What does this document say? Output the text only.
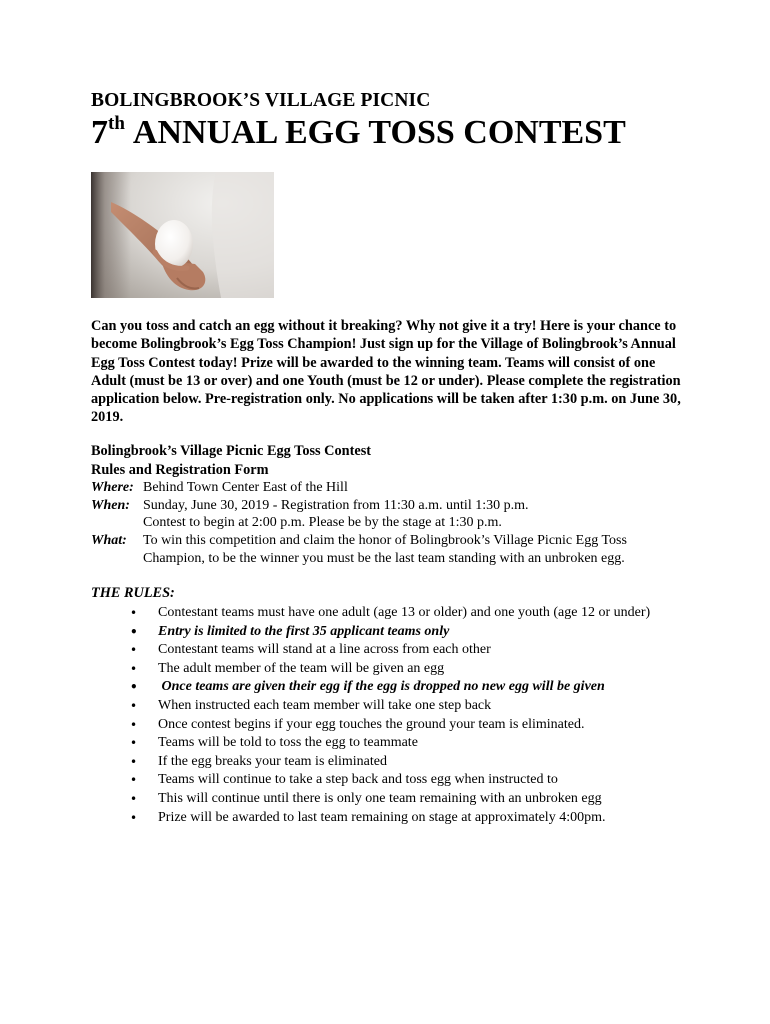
BOLINGBROOK’S VILLAGE PICNIC
7th ANNUAL EGG TOSS CONTEST
Can you toss and catch an egg without it breaking? Why not give it a try! Here is your chance to become Bolingbrook’s Egg Toss Champion! Just sign up for the Village of Bolingbrook’s Annual Egg Toss Contest today! Prize will be awarded to the winning team. Teams will consist of one Adult (must be 13 or over) and one Youth (must be 12 or under). Please complete the registration application below. Pre-registration only. No applications will be taken after 1:30 p.m. on June 30, 2019.
Bolingbrook’s Village Picnic Egg Toss Contest
Rules and Registration Form
Where: Behind Town Center East of the Hill
When: Sunday, June 30, 2019 - Registration from 11:30 a.m. until 1:30 p.m.
Contest to begin at 2:00 p.m. Please be by the stage at 1:30 p.m.
What:	To win this competition and claim the honor of Bolingbrook’s Village Picnic Egg Toss Champion, to be the winner you must be the last team standing with an unbroken egg.
THE RULES:
• Contestant teams must have one adult (age 13 or older) and one youth (age 12 or under)
• Entry is limited to the first 35 applicant teams only
• Contestant teams will stand at a line across from each other
• The adult member of the team will be given an egg
•  Once teams are given their egg if the egg is dropped no new egg will be given
• When instructed each team member will take one step back
• Once contest begins if your egg touches the ground your team is eliminated.
• Teams will be told to toss the egg to teammate
• If the egg breaks your team is eliminated
• Teams will continue to take a step back and toss egg when instructed to
• This will continue until there is only one team remaining with an unbroken egg
• Prize will be awarded to last team remaining on stage at approximately 4:00pm.
